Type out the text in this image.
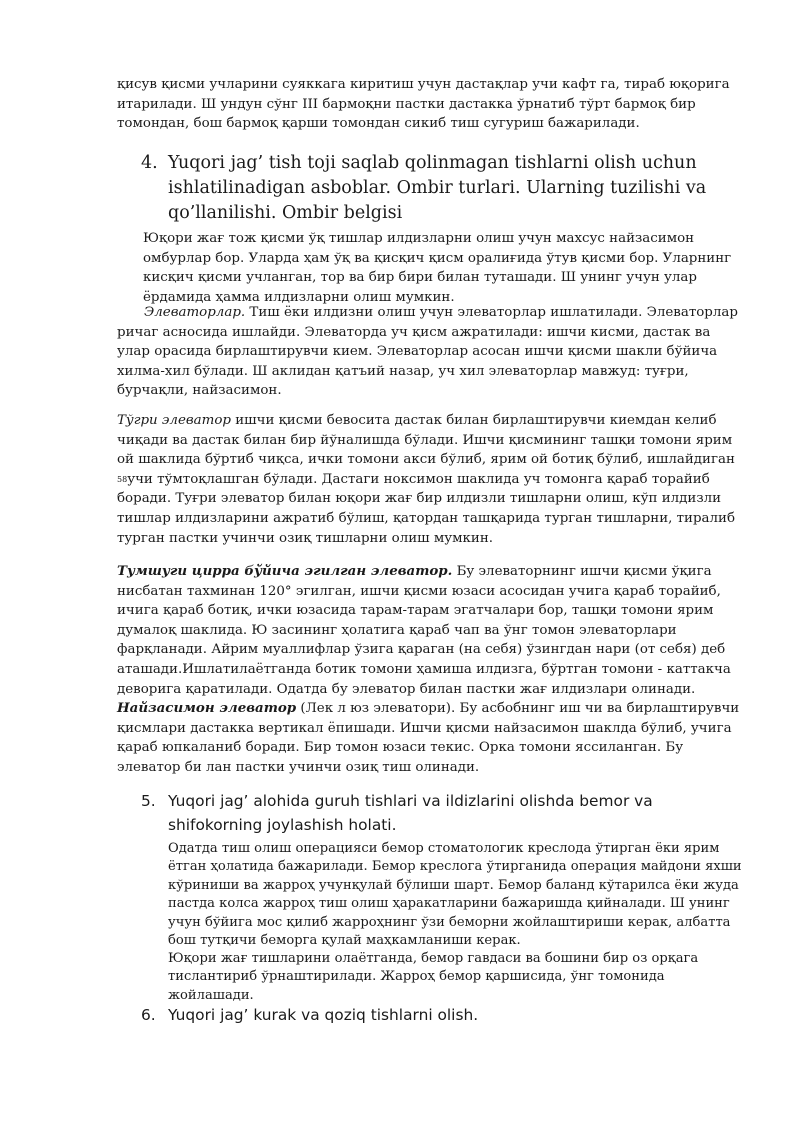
қисув қисми учларини суяккага киритиш учун дастақлар учи кафт га, тираб юқорига итарилади. Ш ундун сўнг III бармоқни пастки дастакка ўрнатиб тўрт бармоқ бир томондан, бош бармоқ қарши томондан сикиб тиш сугуриш бажарилади.

4. Yuqori jag’ tish toji saqlab qolinmagan tishlarni olish uchun ishlatilinadigan asboblar. Ombir turlari. Ularning tuzilishi va qo’llanilishi. Ombir belgisi

Юқори жағ тож қисми ўқ тишлар илдизларни олиш учун махсус найзасимон омбурлар бор. Уларда ҳам ўқ ва қисқич қисм оралиғида ўтув қисми бор. Уларнинг кисқич қисми учланган, тор ва бир бири билан туташади. Ш унинг учун улар ёрдамида ҳамма илдизларни олиш мумкин.

Элеваторлар. Тиш ёки илдизни олиш учун элеваторлар ишлатилади. Элеваторлар ричаг асносида ишлайди. Элеваторда уч қисм ажратилади: ишчи кисми, дастак ва улар орасида бирлаштирувчи кием. Элеваторлар асосан ишчи қисми шакли бўйича хилма-хил бўлади. Ш аклидан қатъий назар, уч хил элеваторлар мавжуд: туғри, бурчақли, найзасимон.

Тўгри элеватор ишчи қисми бевосита дастак билан бирлаштирувчи киемдан келиб чиқади ва дастак билан бир йўналишда бўлади. Ишчи қисмининг ташқи томони ярим ой шаклида бўртиб чиқса, ички томони акси бўлиб, ярим ой ботиқ бўлиб, ишлайдиган 58учи тўмтоқлашган бўлади. Дастаги ноксимон шаклида уч томонга қараб торайиб боради. Туғри элеватор билан юқори жағ бир илдизли тишларни олиш, кўп илдизли тишлар илдизларини ажратиб бўлиш, қатордан ташқарида турган тишларни, тиралиб турган пастки учинчи озиқ тишларни олиш мумкин.

Тумшуги цирра бўйича эгилган элеватор. Бу элеваторнинг ишчи қисми ўқига нисбатан тахминан 120° эгилган, ишчи қисми юзаси асосидан учига қараб торайиб, ичига қараб ботиқ, ички юзасида тарам-тарам эгатчалари бор, ташқи томони ярим думалоқ шаклида. Ю засининг ҳолатига қараб чап ва ўнг томон элеваторлари фарқланади. Айрим муаллифлар ўзига қараган (на себя) ўзингдан нари (от себя) деб аташади.Ишлатилаётганда ботик томони ҳамиша илдизга, бўртган томони - каттакча деворига қаратилади. Одатда бу элеватор билан пастки жағ илдизлари олинади. Найзасимон элеватор (Лек л юз элеватори). Бу асбобнинг иш чи ва бирлаштирувчи қисмлари дастакка вертикал ёпишади. Ишчи қисми найзасимон шаклда бўлиб, учига қараб юпкаланиб боради. Бир томон юзаси текис. Орка томони яссиланган. Бу элеватор би лан пастки учинчи озиқ тиш олинади.

5. Yuqori jag’ alohida guruh tishlari va ildizlarini olishda bemor va shifokorning joylashish holati.

Одатда тиш олиш операцияси бемор стоматологик креслода ўтирган ёки ярим ётган ҳолатида бажарилади. Бемор креслога ўтирганида операция майдони яхши кўриниши ва жарроҳ учунқулай бўлиши шарт. Бемор баланд кўтарилса ёки жуда пастда колса жарроҳ тиш олиш ҳаракатларини бажаришда қийналади. Ш унинг учун бўйига мос қилиб жарроҳнинг ўзи беморни жойлаштириши керак, албатта бош тутқичи беморга қулай маҳкамланиши керак.

Юқори жағ тишларини олаётганда, бемор гавдаси ва бошини бир оз орқага тислантириб ўрнаштирилади. Жарроҳ бемор қаршисида, ўнг томонида жойлашади.

6. Yuqori jag’ kurak va qoziq tishlarni olish.
